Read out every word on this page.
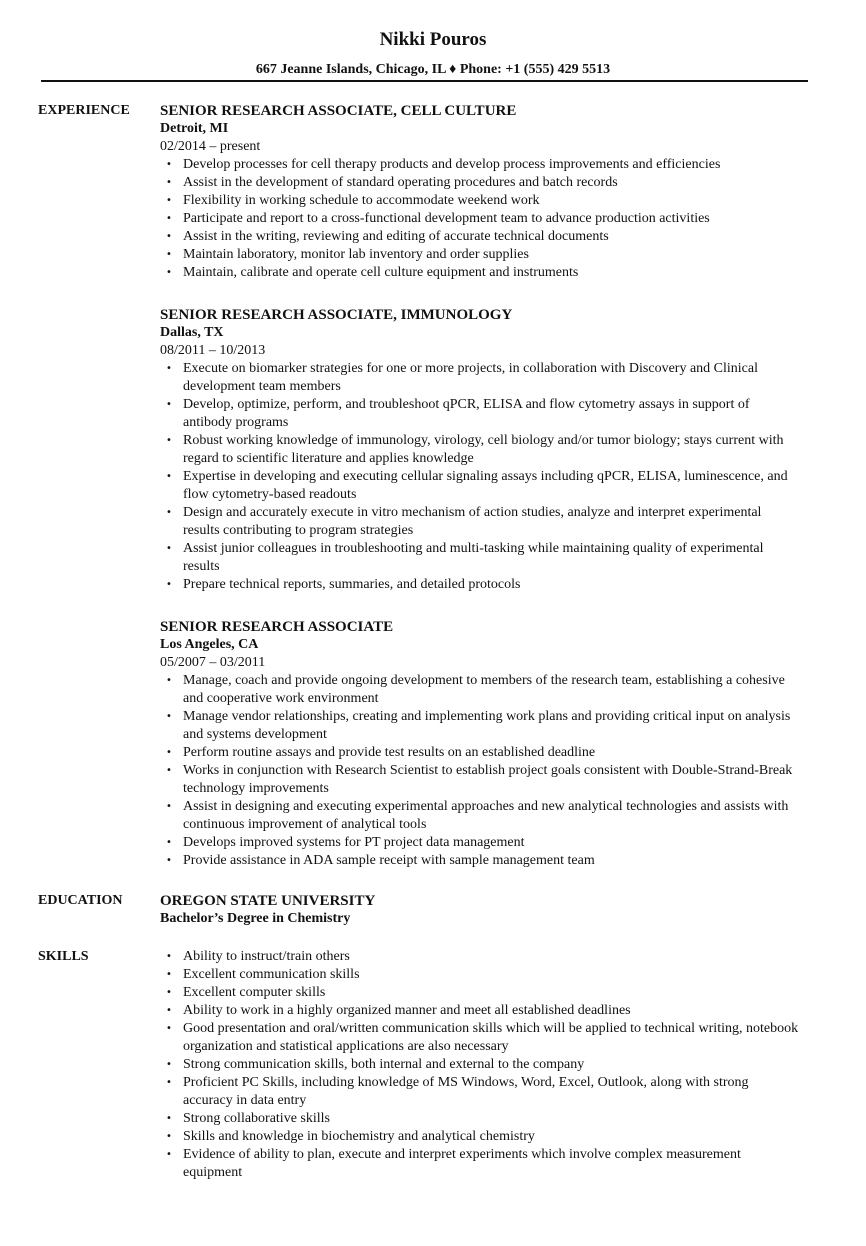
Nikki Pouros
667 Jeanne Islands, Chicago, IL ♦ Phone: +1 (555) 429 5513
EXPERIENCE SENIOR RESEARCH ASSOCIATE, CELL CULTURE
Detroit, MI
02/2014 – present
• Develop processes for cell therapy products and develop process improvements and efficiencies
• Assist in the development of standard operating procedures and batch records
• Flexibility in working schedule to accommodate weekend work
• Participate and report to a cross-functional development team to advance production activities
• Assist in the writing, reviewing and editing of accurate technical documents
• Maintain laboratory, monitor lab inventory and order supplies
• Maintain, calibrate and operate cell culture equipment and instruments
SENIOR RESEARCH ASSOCIATE, IMMUNOLOGY
Dallas, TX
08/2011 – 10/2013
• Execute on biomarker strategies for one or more projects, in collaboration with Discovery and Clinical development team members
• Develop, optimize, perform, and troubleshoot qPCR, ELISA and flow cytometry assays in support of antibody programs
• Robust working knowledge of immunology, virology, cell biology and/or tumor biology; stays current with regard to scientific literature and applies knowledge
• Expertise in developing and executing cellular signaling assays including qPCR, ELISA, luminescence, and flow cytometry-based readouts
• Design and accurately execute in vitro mechanism of action studies, analyze and interpret experimental results contributing to program strategies
• Assist junior colleagues in troubleshooting and multi-tasking while maintaining quality of experimental results
• Prepare technical reports, summaries, and detailed protocols
SENIOR RESEARCH ASSOCIATE
Los Angeles, CA
05/2007 – 03/2011
• Manage, coach and provide ongoing development to members of the research team, establishing a cohesive and cooperative work environment
• Manage vendor relationships, creating and implementing work plans and providing critical input on analysis and systems development
• Perform routine assays and provide test results on an established deadline
• Works in conjunction with Research Scientist to establish project goals consistent with Double-Strand-Break technology improvements
• Assist in designing and executing experimental approaches and new analytical technologies and assists with continuous improvement of analytical tools
• Develops improved systems for PT project data management
• Provide assistance in ADA sample receipt with sample management team
EDUCATION OREGON STATE UNIVERSITY
Bachelor’s Degree in Chemistry
SKILLS
•	Ability to instruct/train others
• Excellent communication skills
• Excellent computer skills
• Ability to work in a highly organized manner and meet all established deadlines
• Good presentation and oral/written communication skills which will be applied to technical writing, notebook organization and statistical applications are also necessary
• Strong communication skills, both internal and external to the company
• Proficient PC Skills, including knowledge of MS Windows, Word, Excel, Outlook, along with strong accuracy in data entry
• Strong collaborative skills
• Skills and knowledge in biochemistry and analytical chemistry
• Evidence of ability to plan, execute and interpret experiments which involve complex measurement equipment
